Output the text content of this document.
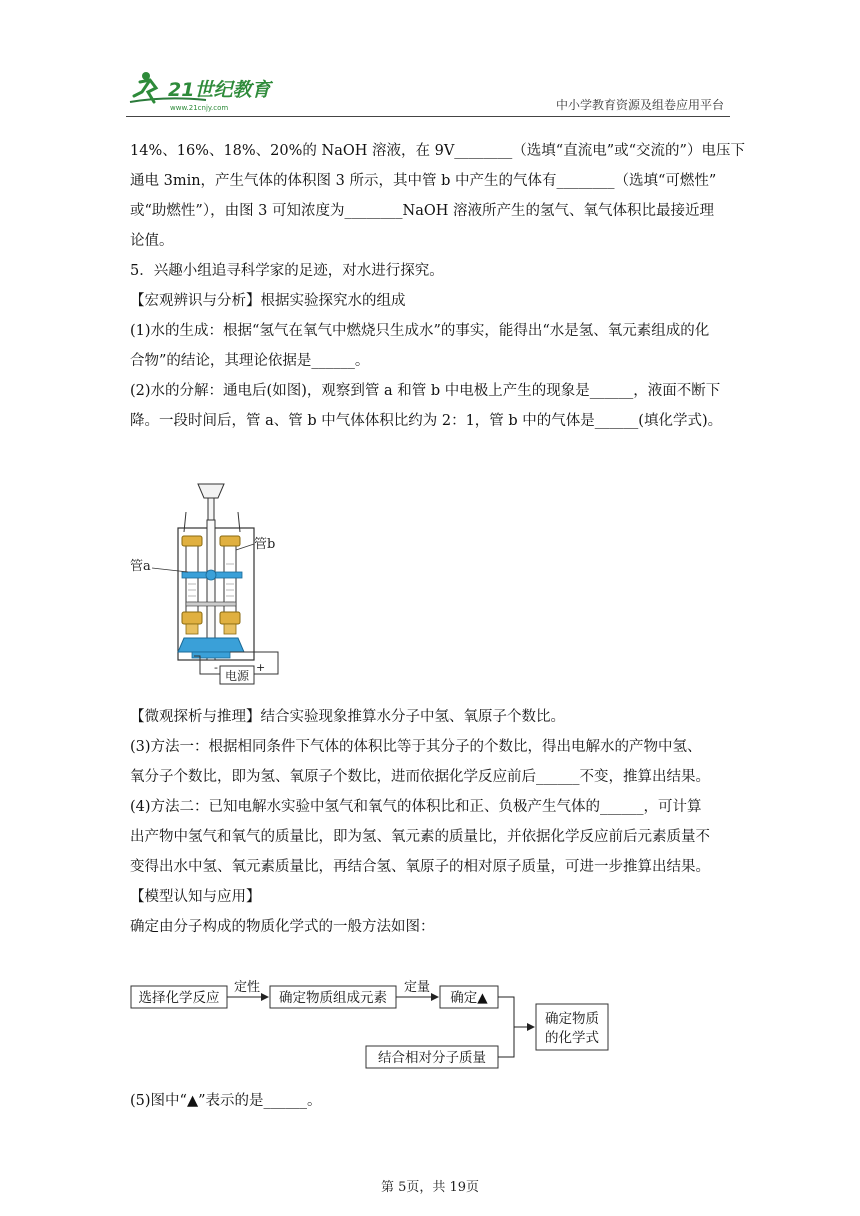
21世纪教育
www.21cnjy.com	中小学教育资源及组卷应用平台

14%、16%、18%、20%的 NaOH 溶液，在 9V________（选填“直流电”或“交流的”）电压下

通电 3min，产生气体的体积图 3 所示，其中管 b 中产生的气体有________（选填“可燃性”

或“助燃性”），由图 3 可知浓度为________NaOH 溶液所产生的氢气、氧气体积比最接近理

论值。

5．兴趣小组追寻科学家的足迹，对水进行探究。

【宏观辨识与分析】根据实验探究水的组成

(1)水的生成：根据“氢气在氧气中燃烧只生成水”的事实，能得出“水是氢、氧元素组成的化

合物”的结论，其理论依据是______。

(2)水的分解：通电后(如图)，观察到管 a 和管 b 中电极上产生的现象是______，液面不断下

降。一段时间后，管 a、管 b 中气体体积比约为 2：1，管 b 中的气体是______(填化学式)。

电源
-	+
管a
管b

【微观探析与推理】结合实验现象推算水分子中氢、氧原子个数比。

(3)方法一：根据相同条件下气体的体积比等于其分子的个数比，得出电解水的产物中氢、

氧分子个数比，即为氢、氧原子个数比，进而依据化学反应前后______不变，推算出结果。

(4)方法二：已知电解水实验中氢气和氧气的体积比和正、负极产生气体的______，可计算

出产物中氢气和氧气的质量比，即为氢、氧元素的质量比，并依据化学反应前后元素质量不

变得出水中氢、氧元素质量比，再结合氢、氧原子的相对原子质量，可进一步推算出结果。

【模型认知与应用】

确定由分子构成的物质化学式的一般方法如图：

选择化学反应
定性
确定物质组成元素
定量
确定▲
结合相对分子质量
确定物质
的化学式

(5)图中“▲”表示的是______。

第 5页，共 19页
